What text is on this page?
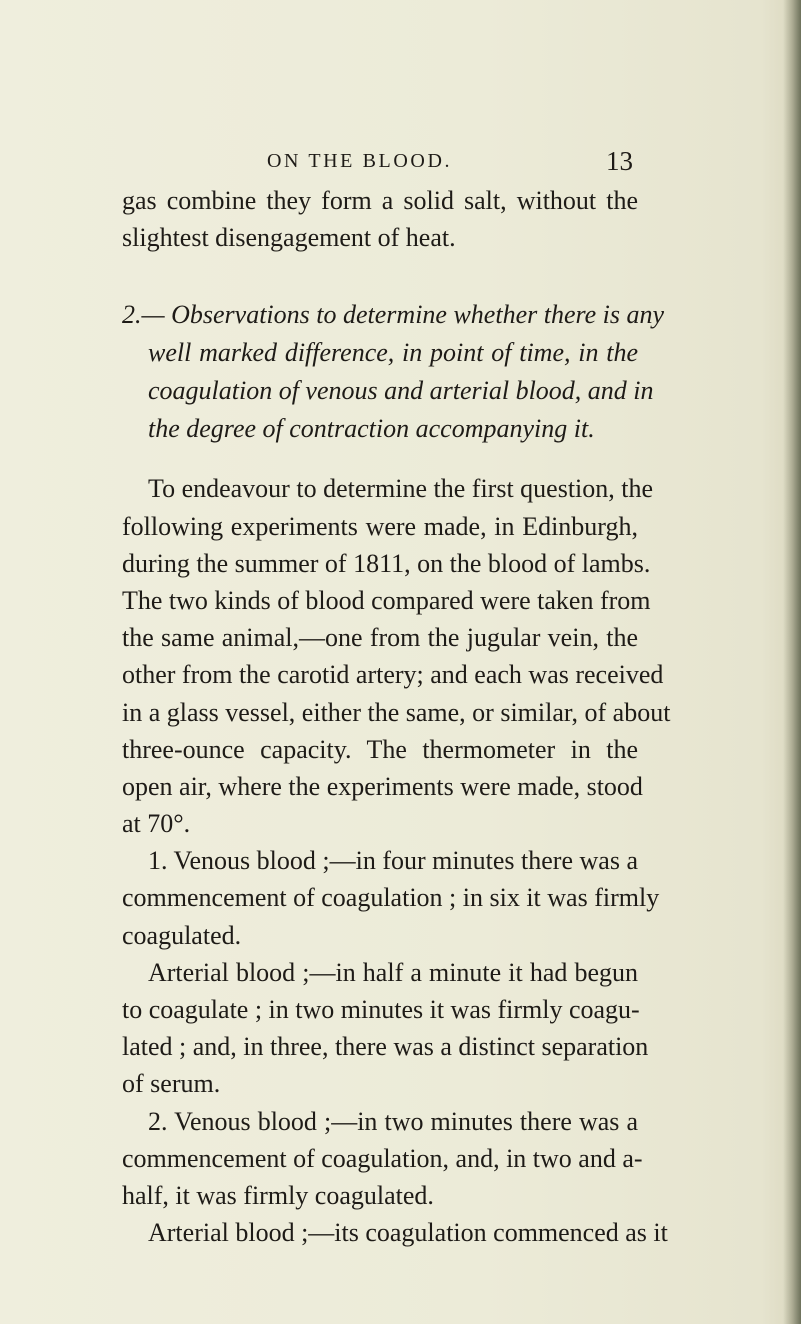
ON THE BLOOD.	13
gas combine they form a solid salt, without the
slightest disengagement of heat.
2.— Observations to determine whether there is any
well marked difference, in point of time, in the
coagulation of venous and arterial blood, and in
the degree of contraction accompanying it.
To endeavour to determine the first question, the
following experiments were made, in Edinburgh,
during the summer of 1811, on the blood of lambs.
The two kinds of blood compared were taken from
the same animal,—one from the jugular vein, the
other from the carotid artery; and each was received
in a glass vessel, either the same, or similar, of about
three-ounce capacity. The thermometer in the
open air, where the experiments were made, stood
at 70°.
1. Venous blood ;—in four minutes there was a
commencement of coagulation ; in six it was firmly
coagulated.
Arterial blood ;—in half a minute it had begun
to coagulate ; in two minutes it was firmly coagu-
lated ; and, in three, there was a distinct separation
of serum.
2. Venous blood ;—in two minutes there was a
commencement of coagulation, and, in two and a-
half, it was firmly coagulated.
Arterial blood ;—its coagulation commenced as it
